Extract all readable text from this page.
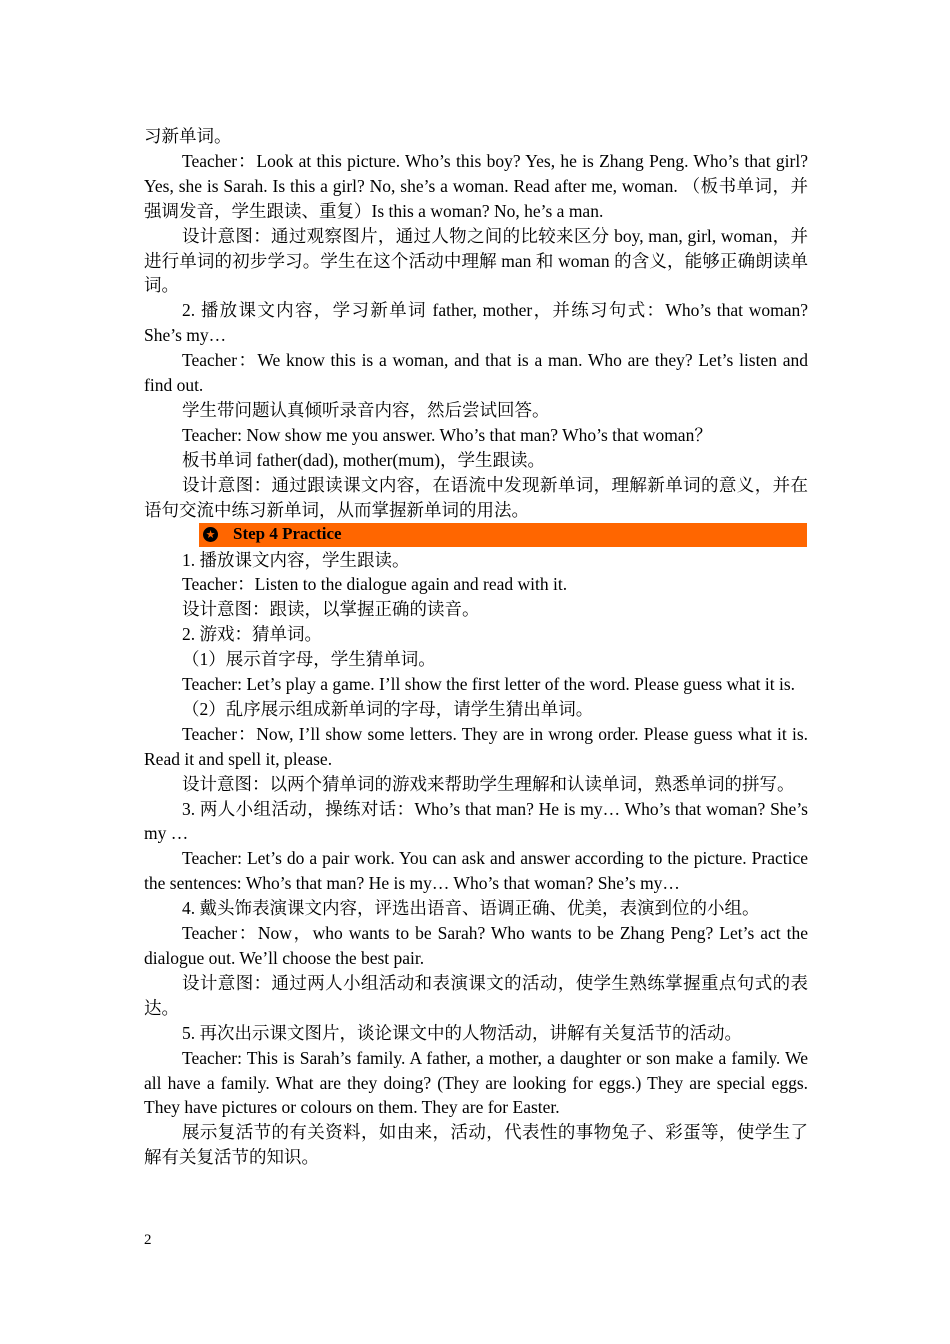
习新单词。

Teacher：Look at this picture. Who’s this boy? Yes, he is Zhang Peng. Who’s that girl? Yes, she is Sarah. Is this a girl? No, she’s a woman. Read after me, woman. （板书单词，并强调发音，学生跟读、重复）Is this a woman? No, he’s a man.

设计意图：通过观察图片，通过人物之间的比较来区分 boy, man, girl, woman，并进行单词的初步学习。学生在这个活动中理解 man 和 woman 的含义，能够正确朗读单词。

2. 播放课文内容，学习新单词 father, mother，并练习句式：Who’s that woman? She’s my…

Teacher：We know this is a woman, and that is a man. Who are they? Let’s listen and find out.

学生带问题认真倾听录音内容，然后尝试回答。

Teacher: Now show me you answer. Who’s that man? Who’s that woman？

板书单词 father(dad), mother(mum)，学生跟读。

设计意图：通过跟读课文内容，在语流中发现新单词，理解新单词的意义，并在语句交流中练习新单词，从而掌握新单词的用法。

★ Step 4 Practice

1. 播放课文内容，学生跟读。

Teacher：Listen to the dialogue again and read with it.

设计意图：跟读，以掌握正确的读音。

2. 游戏：猜单词。

（1）展示首字母，学生猜单词。

Teacher: Let’s play a game. I’ll show the first letter of the word. Please guess what it is.

（2）乱序展示组成新单词的字母，请学生猜出单词。

Teacher：Now, I’ll show some letters. They are in wrong order. Please guess what it is. Read it and spell it, please.

设计意图：以两个猜单词的游戏来帮助学生理解和认读单词，熟悉单词的拼写。

3. 两人小组活动，操练对话：Who’s that man? He is my… Who’s that woman? She’s my …

Teacher: Let’s do a pair work. You can ask and answer according to the picture. Practice the sentences: Who’s that man? He is my… Who’s that woman? She’s my…

4. 戴头饰表演课文内容，评选出语音、语调正确、优美，表演到位的小组。

Teacher：Now，who wants to be Sarah? Who wants to be Zhang Peng? Let’s act the dialogue out. We’ll choose the best pair.

设计意图：通过两人小组活动和表演课文的活动，使学生熟练掌握重点句式的表达。

5. 再次出示课文图片，谈论课文中的人物活动，讲解有关复活节的活动。

Teacher: This is Sarah’s family. A father, a mother, a daughter or son make a family. We all have a family. What are they doing? (They are looking for eggs.) They are special eggs. They have pictures or colours on them. They are for Easter.

展示复活节的有关资料，如由来，活动，代表性的事物兔子、彩蛋等，使学生了解有关复活节的知识。

2
